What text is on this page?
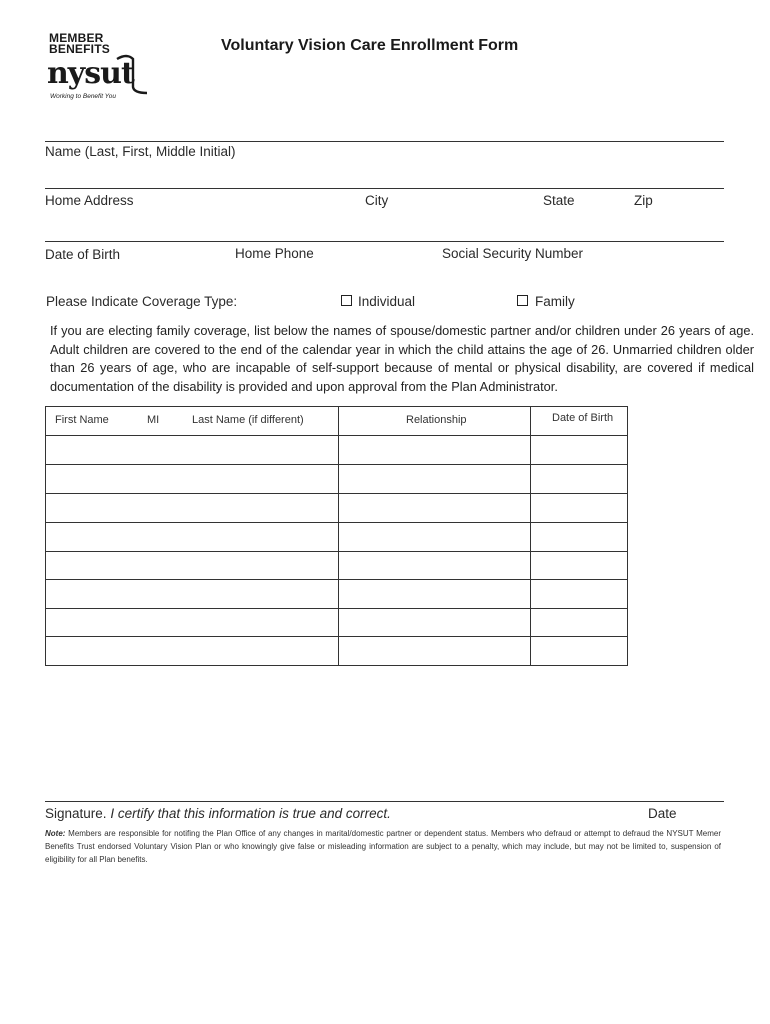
MEMBER
BENEFITS
nysut
Working to Benefit You
Voluntary Vision Care Enrollment Form
Name (Last, First, Middle Initial)
Home Address	City	State	Zip
Date of Birth	Home Phone	Social Security Number
Please Indicate Coverage Type:	Individual	Family
If you are electing family coverage, list below the names of spouse/domestic partner and/or children under 26 years of age. Adult children are covered to the end of the calendar year in which the child attains the age of 26. Unmarried children older than 26 years of age, who are incapable of self-support because of mental or physical disability, are covered if medical documentation of the disability is provided and upon approval from the Plan Administrator.
First Name	MI	Last Name (if different)	Relationship	Date of Birth
Signature. I certify that this information is true and correct.	Date
Note: Members are responsible for notifing the Plan Office of any changes in marital/domestic partner or dependent status. Members who defraud or attempt to defraud the NYSUT Memer Benefits Trust endorsed Voluntary Vision Plan or who knowingly give false or misleading information are subject to a penalty, which may include, but may not be limited to, suspension of eligibility for all Plan benefits.
